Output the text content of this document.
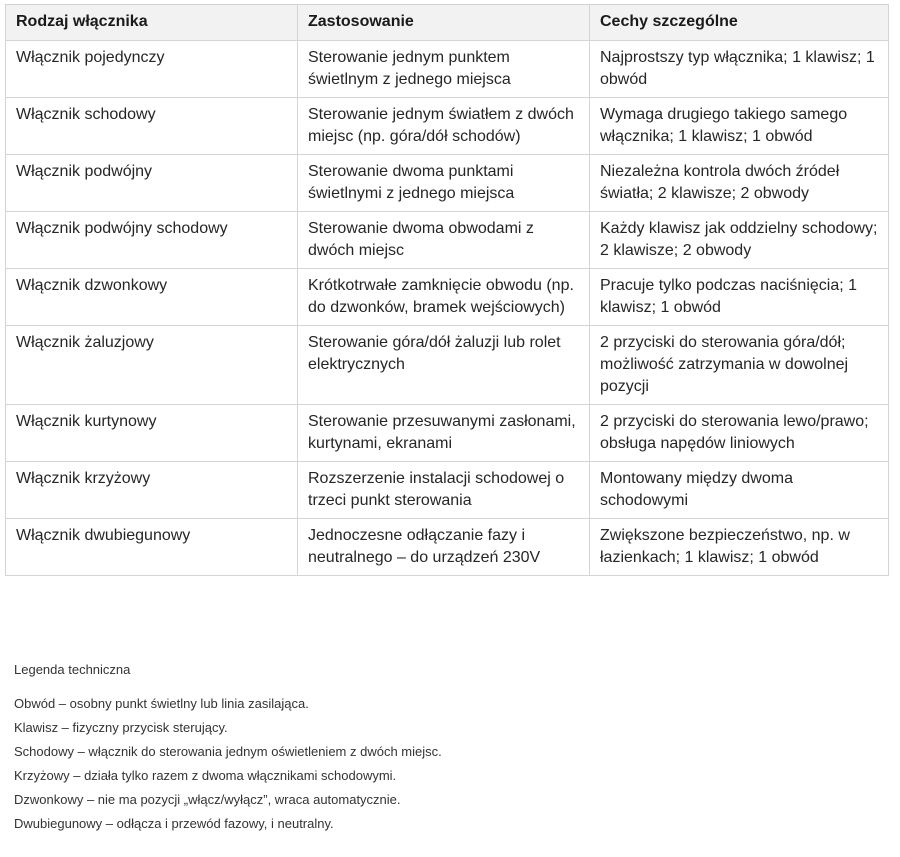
Rodzaj włącznika	Zastosowanie	Cechy szczególne
Włącznik pojedynczy	Sterowanie jednym punktem świetlnym z jednego miejsca	Najprostszy typ włącznika; 1 klawisz; 1 obwód
Włącznik schodowy	Sterowanie jednym światłem z dwóch miejsc (np. góra/dół schodów)	Wymaga drugiego takiego samego włącznika; 1 klawisz; 1 obwód
Włącznik podwójny	Sterowanie dwoma punktami świetlnymi z jednego miejsca	Niezależna kontrola dwóch źródeł światła; 2 klawisze; 2 obwody
Włącznik podwójny schodowy	Sterowanie dwoma obwodami z dwóch miejsc	Każdy klawisz jak oddzielny schodowy; 2 klawisze; 2 obwody
Włącznik dzwonkowy	Krótkotrwałe zamknięcie obwodu (np. do dzwonków, bramek wejściowych)	Pracuje tylko podczas naciśnięcia; 1 klawisz; 1 obwód
Włącznik żaluzjowy	Sterowanie góra/dół żaluzji lub rolet elektrycznych	2 przyciski do sterowania góra/dół; możliwość zatrzymania w dowolnej pozycji
Włącznik kurtynowy	Sterowanie przesuwanymi zasłonami, kurtynami, ekranami	2 przyciski do sterowania lewo/prawo; obsługa napędów liniowych
Włącznik krzyżowy	Rozszerzenie instalacji schodowej o trzeci punkt sterowania	Montowany między dwoma schodowymi
Włącznik dwubiegunowy	Jednoczesne odłączanie fazy i neutralnego – do urządzeń 230V	Zwiększone bezpieczeństwo, np. w łazienkach; 1 klawisz; 1 obwód

Legenda techniczna

Obwód – osobny punkt świetlny lub linia zasilająca.
Klawisz – fizyczny przycisk sterujący.
Schodowy – włącznik do sterowania jednym oświetleniem z dwóch miejsc.
Krzyżowy – działa tylko razem z dwoma włącznikami schodowymi.
Dzwonkowy – nie ma pozycji „włącz/wyłącz”, wraca automatycznie.
Dwubiegunowy – odłącza i przewód fazowy, i neutralny.
